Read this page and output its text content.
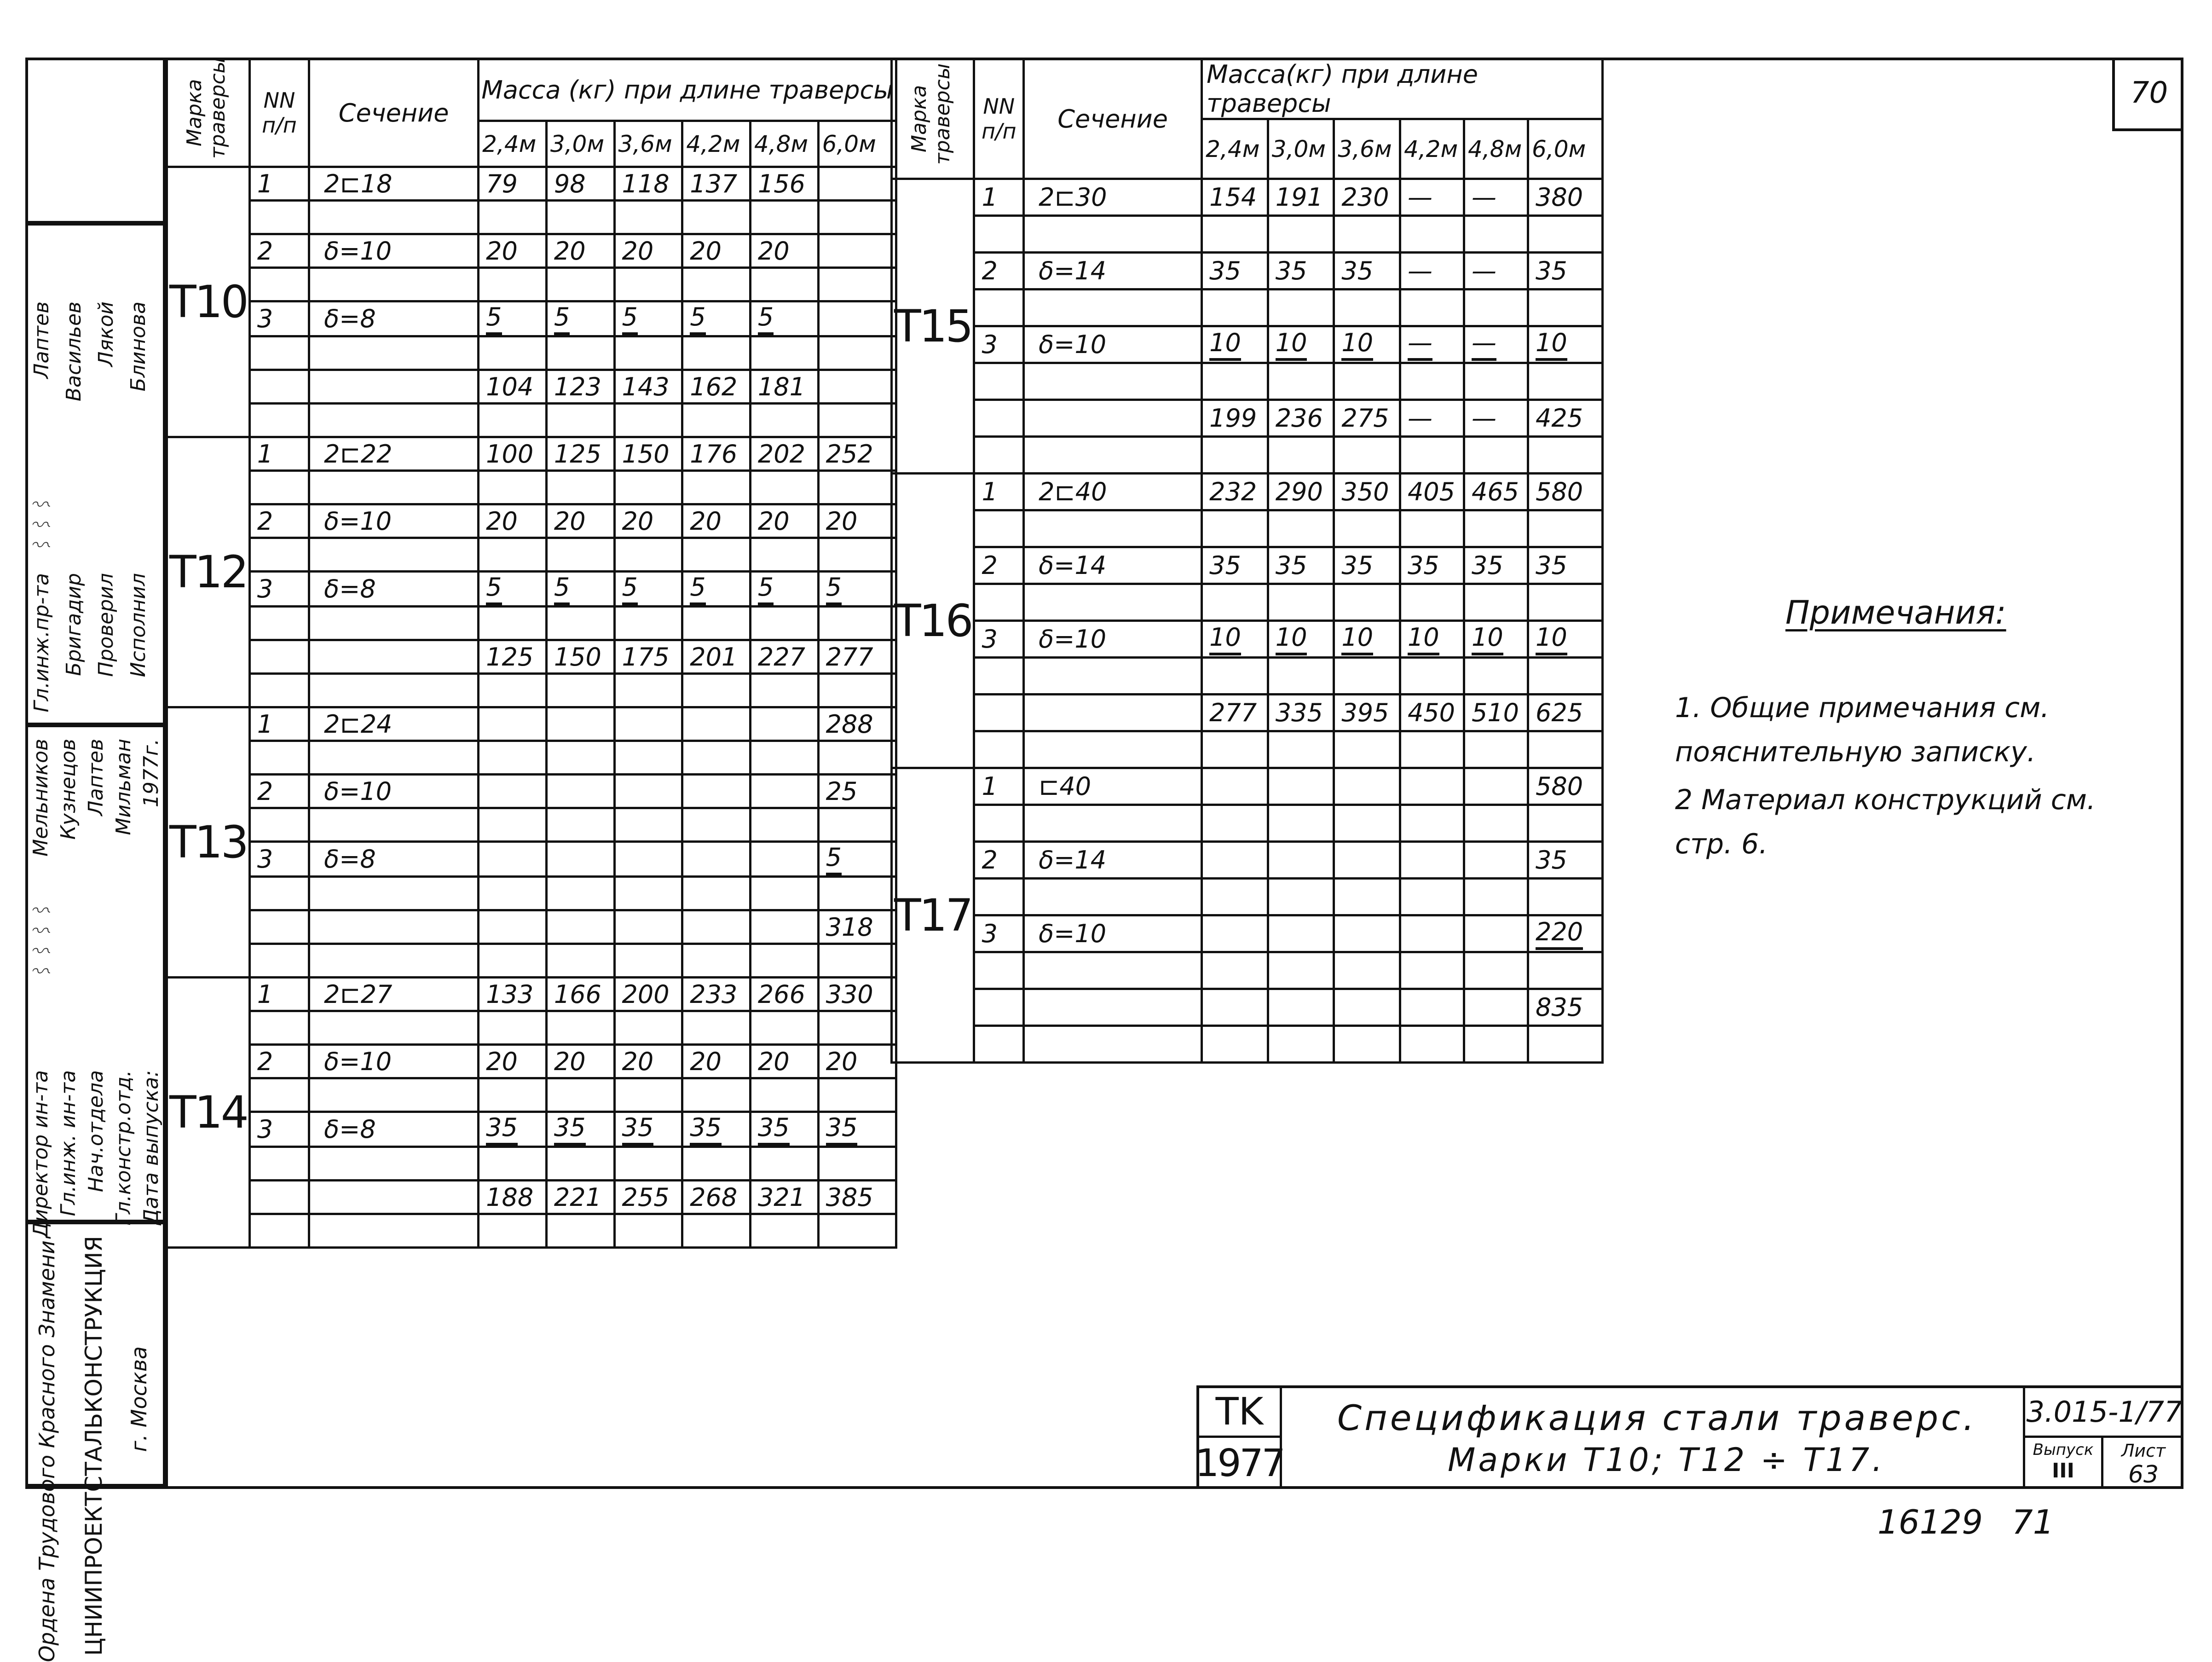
70
Гл.инж.пр-та Бригадир Проверил Исполнил
〰〰〰
Лаптев Васильев Лякой Блинова
Директор ин-та Гл.инж. ин-та Нач.отдела Гл.констр.отд. Дата выпуска:
〰〰〰〰
Мельников Кузнецов Лаптев Мильман 1977г.
Ордена Трудового Красного Знамени ЦНИИПРОЕКТСТАЛЬКОНСТРУКЦИЯ г. Москва
Марка траверсы	NN п/п	Сечение	Масса (кг) при длине траверсы					
			2,4м	3,0м	3,6м	4,2м	4,8м	6,0м
T10	1	2⊏18	79	98	118	137	156	

	2	δ=10	20	20	20	20	20	

	3	δ=8	5	5	5	5	5	

			104	123	143	162	181	

T12	1	2⊏22	100	125	150	176	202	252

	2	δ=10	20	20	20	20	20	20

	3	δ=8	5	5	5	5	5	5

			125	150	175	201	227	277

T13	1	2⊏24						288

	2	δ=10						25

	3	δ=8						5

								318

T14	1	2⊏27	133	166	200	233	266	330

	2	δ=10	20	20	20	20	20	20

	3	δ=8	35	35	35	35	35	35

			188	221	255	268	321	385

Марка траверсы	NN п/п	Сечение	Масса(кг) при длине траверсы					
			2,4м	3,0м	3,6м	4,2м	4,8м	6,0м
T15	1	2⊏30	154	191	230	—	—	380

	2	δ=14	35	35	35	—	—	35

	3	δ=10	10	10	10	—	—	10

			199	236	275	—	—	425

T16	1	2⊏40	232	290	350	405	465	580

	2	δ=14	35	35	35	35	35	35

	3	δ=10	10	10	10	10	10	10

			277	335	395	450	510	625

T17	1	⊏40						580

	2	δ=14						35

	3	δ=10						220

								835

Примечания:
1. Общие примечания см. пояснительную записку.
2 Материал конструкций см. стр. 6.
TK
1977
Спецификация стали траверс.
Марки T10; T12 ÷ T17.
3.015-1/77
Выпуск
III
Лист
63
16129 71
